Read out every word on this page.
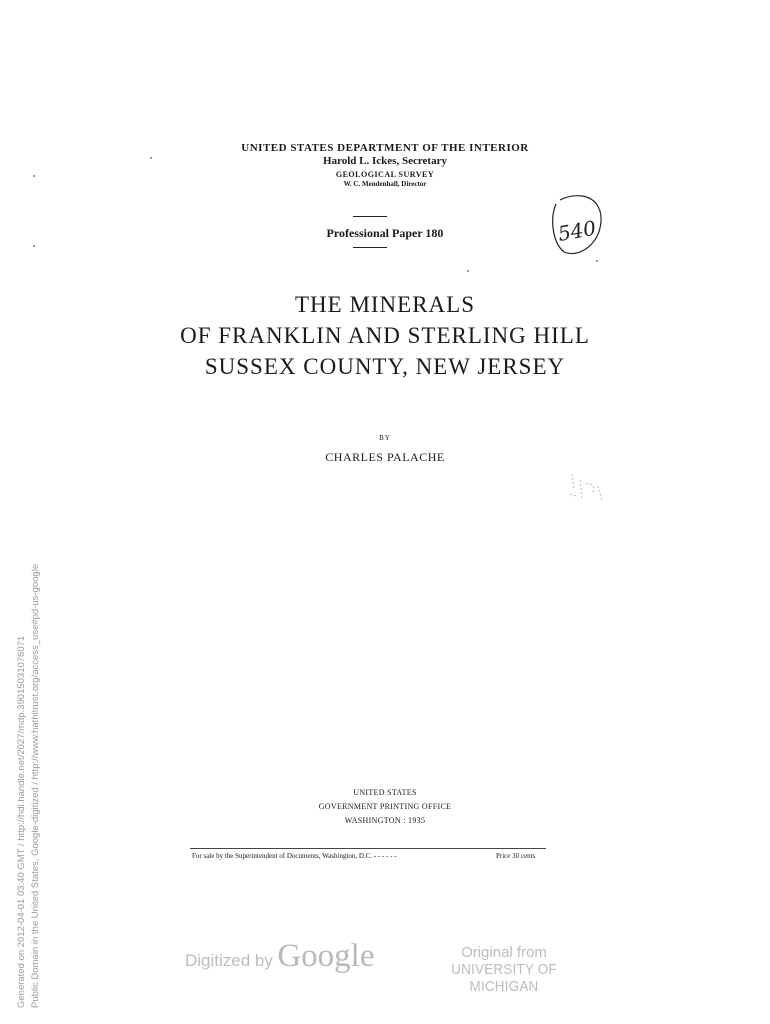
UNITED STATES DEPARTMENT OF THE INTERIOR
Harold L. Ickes, Secretary
GEOLOGICAL SURVEY
W. C. Mendenhall, Director
Professional Paper 180	540
THE MINERALS
OF FRANKLIN AND STERLING HILL
SUSSEX COUNTY, NEW JERSEY
BY
CHARLES PALACHE
UNITED STATES
GOVERNMENT PRINTING OFFICE
WASHINGTON : 1935
For sale by the Superintendent of Documents, Washington, D.C. - - - - - -	Price 30 cents
Generated on 2012-04-01 03:40 GMT / http://hdl.handle.net/2027/mdp.39015031076071 Public Domain in the United States, Google-digitized / http://www.hathitrust.org/access_use#pd-us-google	Digitized by Google	Original from
UNIVERSITY OF MICHIGAN
